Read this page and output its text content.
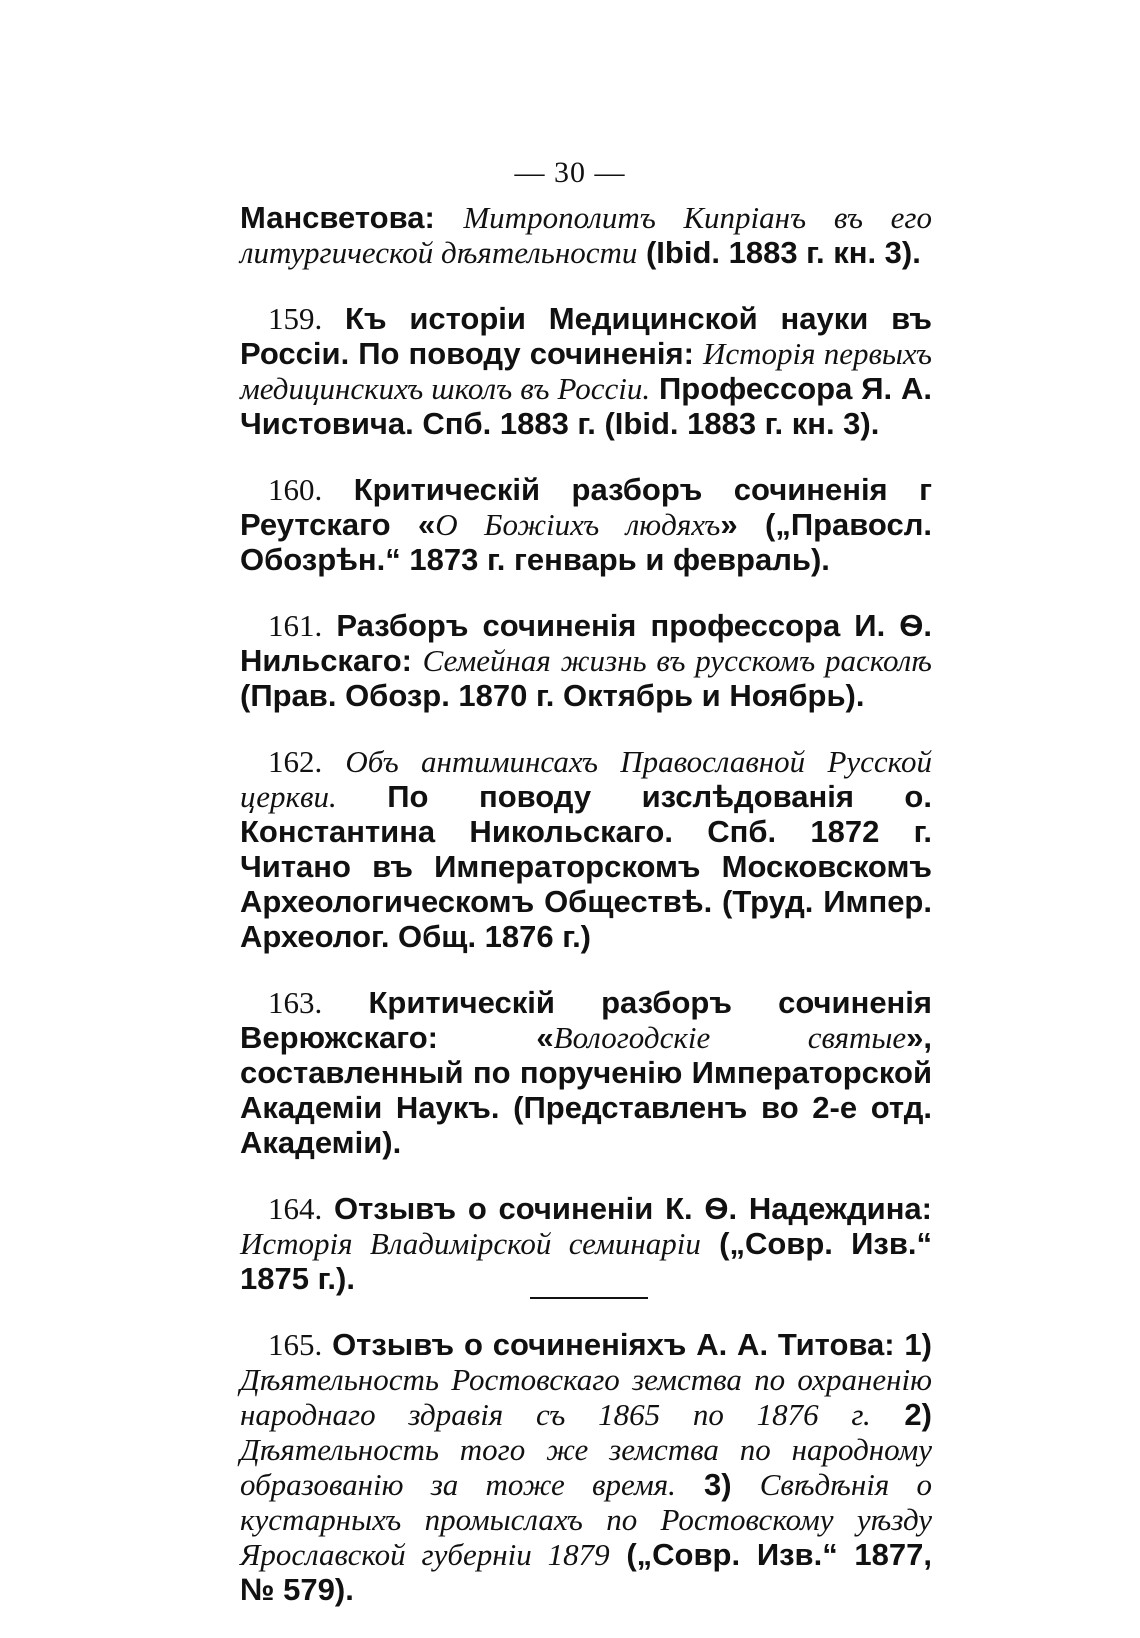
— 30 —

Мансветова: Митрополитъ Кипріанъ въ его литургической дѣятельности (Ibid. 1883 г. кн. 3).

159. Къ исторіи Медицинской науки въ Россіи. По поводу сочиненія: Исторія первыхъ медицинскихъ школъ въ Россіи. Профессора Я. А. Чистовича. Спб. 1883 г. (Ibid. 1883 г. кн. 3).

160. Критическій разборъ сочиненія г Реутскаго «О Божіихъ людяхъ» („Правосл. Обозрѣн.“ 1873 г. генварь и февраль).

161. Разборъ сочиненія профессора И. Ѳ. Нильскаго: Семейная жизнь въ русскомъ расколѣ (Прав. Обозр. 1870 г. Октябрь и Ноябрь).

162. Объ антиминсахъ Православной Русской церкви. По поводу изслѣдованія о. Константина Никольскаго. Спб. 1872 г. Читано въ Императорскомъ Московскомъ Археологическомъ Обществѣ. (Труд. Импер. Археолог. Общ. 1876 г.)

163. Критическій разборъ сочиненія Верюжскаго: «Вологодскіе святые», составленный по порученію Императорской Академіи Наукъ. (Представленъ во 2-е отд. Академіи).

164. Отзывъ о сочиненіи К. Ѳ. Надеждина: Исторія Владимірской семинаріи („Совр. Изв.“ 1875 г.).

165. Отзывъ о сочиненіяхъ А. А. Титова: 1) Дѣятельность Ростовскаго земства по охраненію народнаго здравія съ 1865 по 1876 г. 2) Дѣятельность того же земства по народному образованію за тоже время. 3) Свѣдѣнія о кустарныхъ промыслахъ по Ростовскому уѣзду Ярославской губерніи 1879 („Совр. Изв.“ 1877, № 579).
